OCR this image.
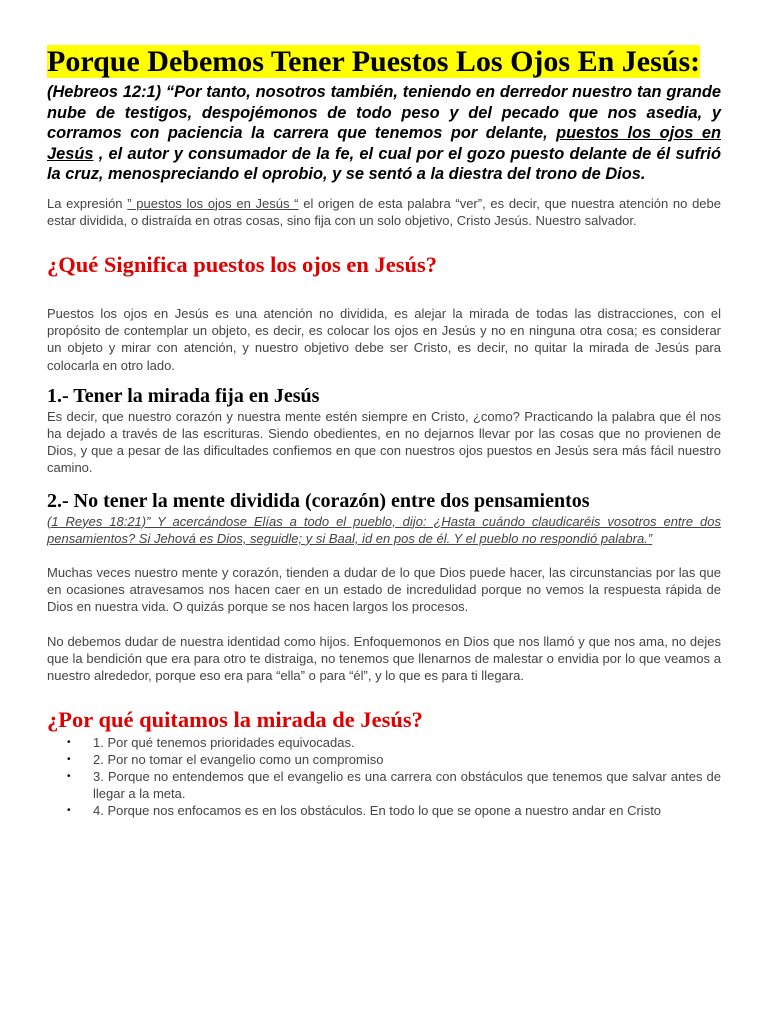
Porque Debemos Tener Puestos Los Ojos En Jesús:

(Hebreos 12:1) “Por tanto, nosotros también, teniendo en derredor nuestro tan grande nube de testigos, despojémonos de todo peso y del pecado que nos asedia, y corramos con paciencia la carrera que tenemos por delante, puestos los ojos en Jesús , el autor y consumador de la fe, el cual por el gozo puesto delante de él sufrió la cruz, menospreciando el oprobio, y se sentó a la diestra del trono de Dios.

La expresión ” puestos los ojos en Jesús “ el origen de esta palabra “ver”, es decir, que nuestra atención no debe estar dividida, o distraída en otras cosas, sino fija con un solo objetivo, Cristo Jesús. Nuestro salvador.

¿Qué Significa puestos los ojos en Jesús?

Puestos los ojos en Jesús es una atención no dividida, es alejar la mirada de todas las distracciones, con el propósito de contemplar un objeto, es decir, es colocar los ojos en Jesús y no en ninguna otra cosa; es considerar un objeto y mirar con atención, y nuestro objetivo debe ser Cristo, es decir, no quitar la mirada de Jesús para colocarla en otro lado.

1.- Tener la mirada fija en Jesús

Es decir, que nuestro corazón y nuestra mente estén siempre en Cristo, ¿como? Practicando la palabra que él nos ha dejado a través de las escrituras. Siendo obedientes, en no dejarnos llevar por las cosas que no provienen de Dios, y que a pesar de las dificultades confiemos en que con nuestros ojos puestos en Jesús sera más fácil nuestro camino.

2.- No tener la mente dividida (corazón) entre dos pensamientos

(1 Reyes 18:21)” Y acercándose Elías a todo el pueblo, dijo: ¿Hasta cuándo claudicaréis vosotros entre dos pensamientos? Si Jehová es Dios, seguidle; y si Baal, id en pos de él. Y el pueblo no respondió palabra.”

Muchas veces nuestro mente y corazón, tienden a dudar de lo que Dios puede hacer, las circunstancias por las que en ocasiones atravesamos nos hacen caer en un estado de incredulidad porque no vemos la respuesta rápida de Dios en nuestra vida. O quizás porque se nos hacen largos los procesos.

No debemos dudar de nuestra identidad como hijos. Enfoquemonos en Dios que nos llamó y que nos ama, no dejes que la bendición que era para otro te distraiga, no tenemos que llenarnos de malestar o envidia por lo que veamos a nuestro alrededor, porque eso era para “ella” o para “él”, y lo que es para ti llegara.

¿Por qué quitamos la mirada de Jesús?
• 1. Por qué tenemos prioridades equivocadas.
• 2. Por no tomar el evangelio como un compromiso
• 3. Porque no entendemos que el evangelio es una carrera con obstáculos que tenemos que salvar antes de llegar a la meta.
• 4. Porque nos enfocamos es en los obstáculos. En todo lo que se opone a nuestro andar en Cristo
